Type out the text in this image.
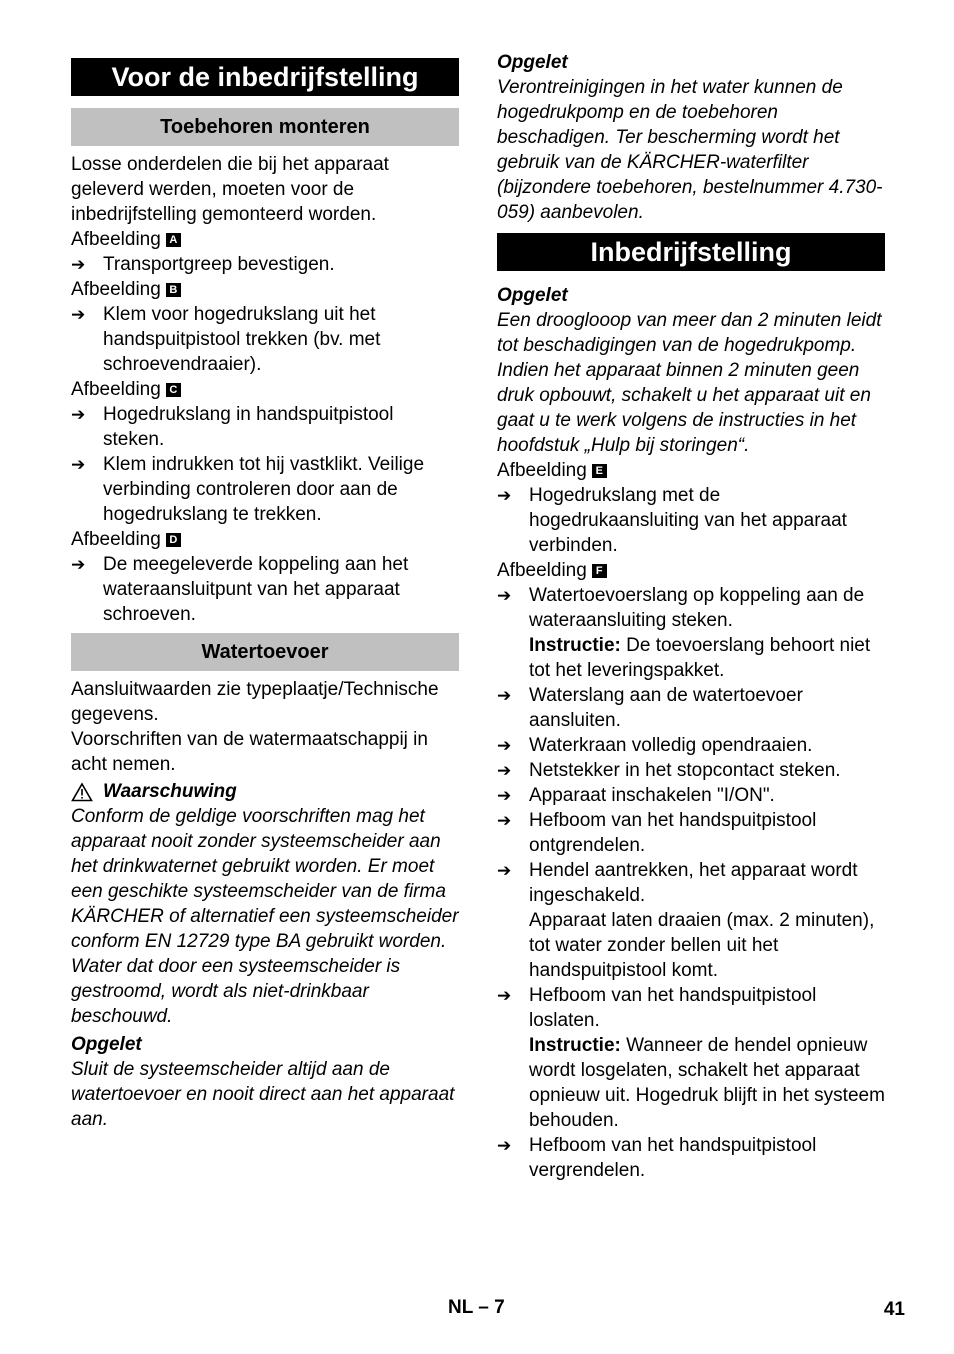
Voor de inbedrijfstelling
Toebehoren monteren

Losse onderdelen die bij het apparaat geleverd werden, moeten voor de inbedrijfstelling gemonteerd worden.

Afbeelding A
➔ Transportgreep bevestigen.
Afbeelding B
➔ Klem voor hogedrukslang uit het handspuitpistool trekken (bv. met schroevendraaier).
Afbeelding C
➔ Hogedrukslang in handspuitpistool steken.
➔ Klem indrukken tot hij vastklikt. Veilige verbinding controleren door aan de hogedrukslang te trekken.
Afbeelding D
➔ De meegeleverde koppeling aan het wateraansluitpunt van het apparaat schroeven.
Watertoevoer

Aansluitwaarden zie typeplaatje/Technische gegevens.

Voorschriften van de watermaatschappij in acht nemen.

Waarschuwing

Conform de geldige voorschriften mag het apparaat nooit zonder systeemscheider aan het drinkwaternet gebruikt worden. Er moet een geschikte systeemscheider van de firma KÄRCHER of alternatief een systeemscheider conform EN 12729 type BA gebruikt worden.

Water dat door een systeemscheider is gestroomd, wordt als niet-drinkbaar beschouwd.

Opgelet

Sluit de systeemscheider altijd aan de watertoevoer en nooit direct aan het apparaat aan.

Opgelet

Verontreinigingen in het water kunnen de hogedrukpomp en de toebehoren beschadigen. Ter bescherming wordt het gebruik van de KÄRCHER-waterfilter (bijzondere toebehoren, bestelnummer 4.730-059) aanbevolen.

Inbedrijfstelling
Opgelet

Een drooglooop van meer dan 2 minuten leidt tot beschadigingen van de hogedrukpomp. Indien het apparaat binnen 2 minuten geen druk opbouwt, schakelt u het apparaat uit en gaat u te werk volgens de instructies in het hoofdstuk „Hulp bij storingen“.

Afbeelding E
➔ Hogedrukslang met de hogedrukaansluiting van het apparaat verbinden.
Afbeelding F
➔ Watertoevoerslang op koppeling aan de wateraansluiting steken.
Instructie: De toevoerslang behoort niet tot het leveringspakket.
➔ Waterslang aan de watertoevoer aansluiten.
➔ Waterkraan volledig opendraaien.
➔ Netstekker in het stopcontact steken.
➔ Apparaat inschakelen "I/ON".
➔ Hefboom van het handspuitpistool ontgrendelen.
➔ Hendel aantrekken, het apparaat wordt ingeschakeld.
Apparaat laten draaien (max. 2 minuten), tot water zonder bellen uit het handspuitpistool komt.
➔ Hefboom van het handspuitpistool loslaten.
Instructie: Wanneer de hendel opnieuw wordt losgelaten, schakelt het apparaat opnieuw uit. Hogedruk blijft in het systeem behouden.
➔ Hefboom van het handspuitpistool vergrendelen.
NL – 7	41
